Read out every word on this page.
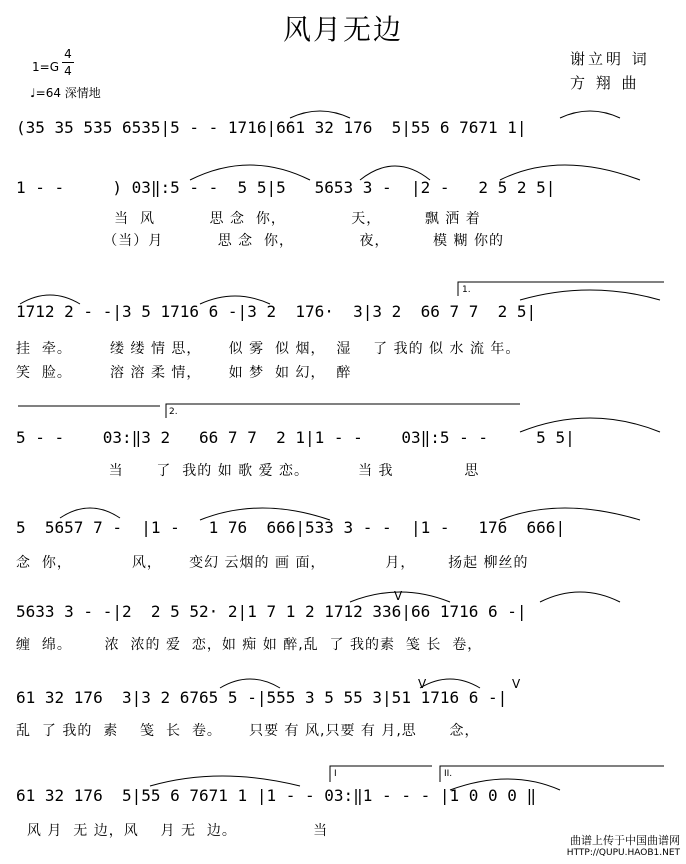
风月无边
1=G
4
4
♩=64 深情地
谢立明 词
方 翔 曲
(35 35 535 6535|5 - - 1716|661 32 176  5|55 6 7671 1|
1 - -     ) 03‖:5 - -  5 5|5   5653 3 -  |2 -   2 5 2 5|
当  风          思 念  你，            天，        飘 洒 着
（当）月          思 念  你，            夜，        模 糊 你的
1712 2 - -|3 5 1716 6 -|3 2  176·  3|3 2  66 7 7  2 5|
挂  牵。       缕 缕 情 思，     似 雾  似 烟，  湿    了 我的 似 水 流 年。
笑  脸。       溶 溶 柔 情，     如 梦  如 幻，  醉
5 - -    03:‖3 2   66 7 7  2 1|1 - -    03‖:5 - -     5 5|
当      了  我的 如 歌 爱 恋。         当 我             思
5  5657 7 -  |1 -   1 76  666|533 3 - -  |1 -   176  666|
念  你，           风，     变幻 云烟的 画 面，           月，      扬起 柳丝的
5633 3 - -|2  2 5 52· 2|1 7 1 2 1712 336|66 1716 6 -|
缠  绵。      浓  浓的 爱  恋，如 痴 如 醉,乱  了 我的素  笺 长  卷，
61 32 176  3|3 2 6765 5 -|555 3 5 55 3|51 1716 6 -|
乱  了 我的  素    笺  长  卷。     只要 有 风,只要 有 月,思      念，
61 32 176  5|55 6 7671 1 |1 - - 03:‖1 - - - |1 0 0 0 ‖
风 月  无 边，风    月 无  边。              当
1.
2.
I	II.
V
V	V
曲谱上传于中国曲谱网
HTTP://QUPU.HAOB1.NET
